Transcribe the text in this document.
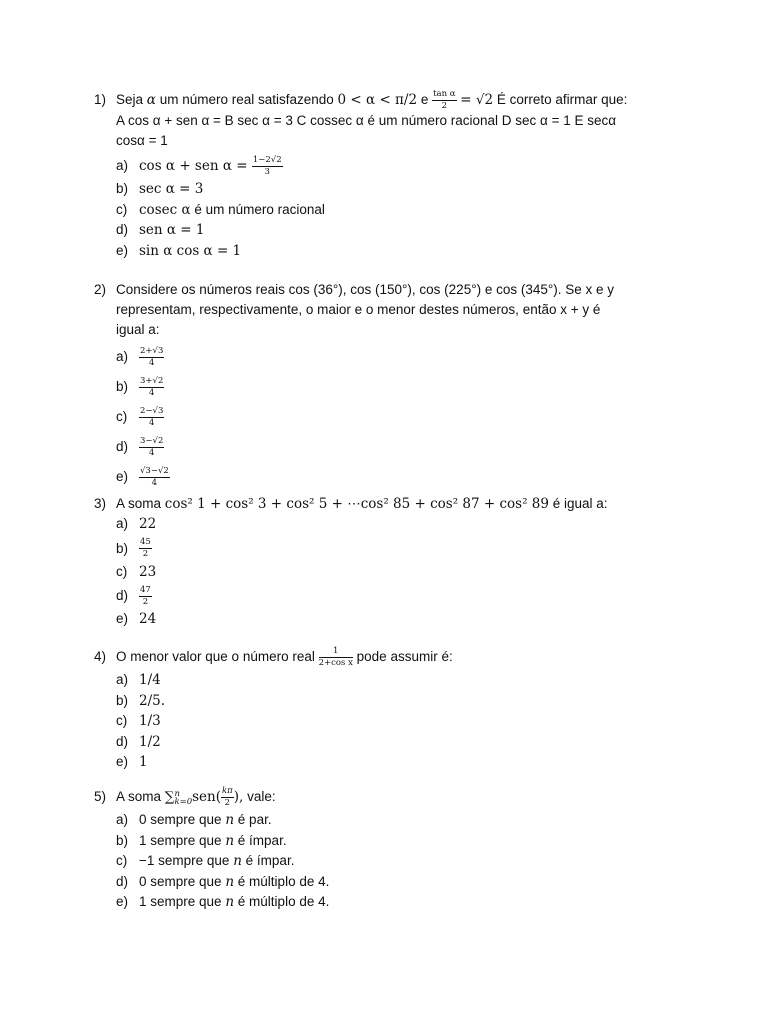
1) Seja α um número real satisfazendo 0 < α < π/2 e $\frac{\text{tan α}}{2} = √2$ É correto afirmar que:
A cos α + sen α = B sec α = 3 C cossec α é um número racional D sec α = 1 E secα
cosα = 1
a) cos α + sen $\alpha = \frac{1-2√2}{3}$
b) sec α = 3
c) cosec α é um número racional
d) sen α = 1
e) sin α cos α = 1
2) Considere os números reais cos (36°), cos (150°), cos (225°) e cos (345°). Se x e y
representam, respectivamente, o maior e o menor destes números, então x + y é
igual a:
a)	$\frac{2+√3}{4}$
b)	$\frac{3+√2}{4}$
c)	$\frac{2-√3}{4}$
d)	$\frac{3-√2}{4}$
e)	$\frac{√3-√2}{4}$
3) A soma cos² 1 + cos² 3 + cos² 5 + ⋯cos² 85 + cos² 87 + cos² 89 é igual a:
a) 22
b)	$\frac{45}{2}$
c) 23
d)	$\frac{47}{2}$
e) 24
4) O menor valor que o número real $\frac{1}{\text{2+cos x}}$ pode assumir é:
a) 1/4
b) 2/5.
c) 1/3
d) 1/2
e) 1
5) A soma ∑ n
k=0 $sen( \frac{k\pi}{2}$ ), vale:
a) 0 sempre que n é par.
b) 1 sempre que n é ímpar.
c) −1 sempre que n é ímpar.
d) 0 sempre que n é múltiplo de 4.
e) 1 sempre que n é múltiplo de 4.
